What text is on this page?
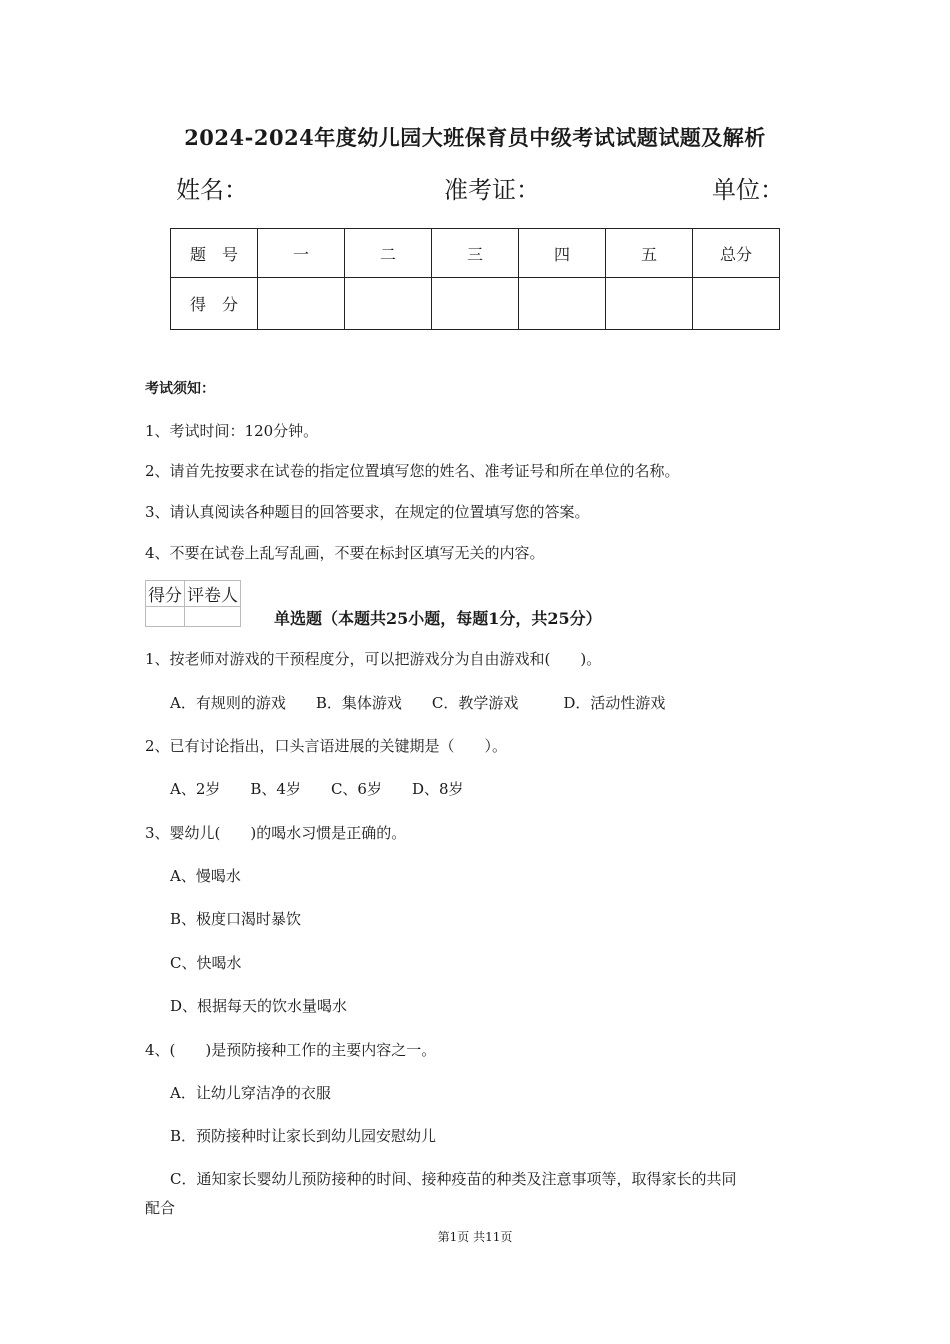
2024-2024年度幼儿园大班保育员中级考试试题试题及解析
姓名：	准考证：	单位：
题　号	一	二	三	四	五	总分
得　分						
考试须知：
1、考试时间：120分钟。
2、请首先按要求在试卷的指定位置填写您的姓名、准考证号和所在单位的名称。
3、请认真阅读各种题目的回答要求，在规定的位置填写您的答案。
4、不要在试卷上乱写乱画，不要在标封区填写无关的内容。
得分	评卷人

单选题（本题共25小题，每题1分，共25分）
1、按老师对游戏的干预程度分，可以把游戏分为自由游戏和(　　)。
A．有规则的游戏　　B．集体游戏　　C．教学游戏　　　D．活动性游戏
2、已有讨论指出，口头言语进展的关键期是（　　）。
A、2岁　　B、4岁　　C、6岁　　D、8岁
3、婴幼儿(　　)的喝水习惯是正确的。
A、慢喝水
B、极度口渴时暴饮
C、快喝水
D、根据每天的饮水量喝水
4、(　　)是预防接种工作的主要内容之一。
A．让幼儿穿洁净的衣服
B．预防接种时让家长到幼儿园安慰幼儿
C．通知家长婴幼儿预防接种的时间、接种疫苗的种类及注意事项等，取得家长的共同
配合
第1页 共11页
